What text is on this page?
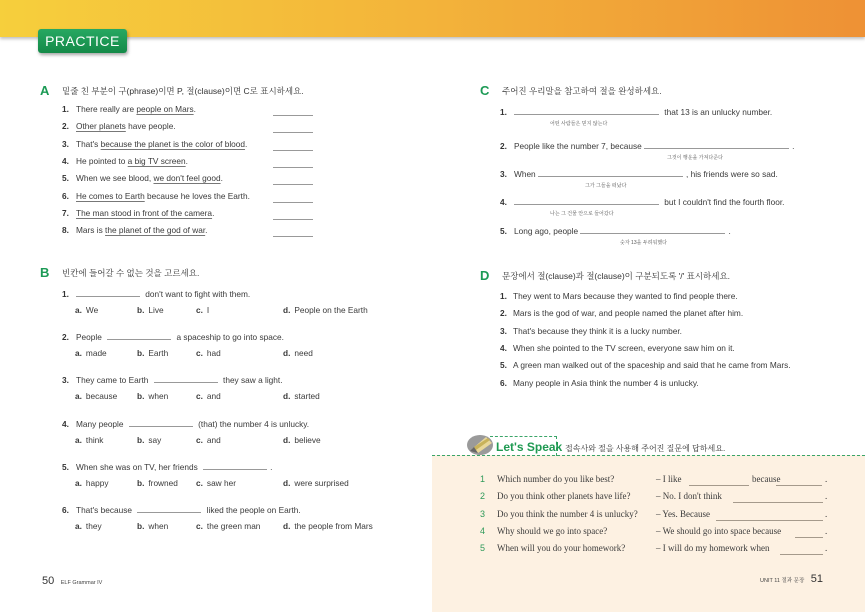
PRACTICE
A	밑줄 친 부분이 구(phrase)이면 P, 절(clause)이면 C로 표시하세요.
1. There really are people on Mars.
2. Other planets have people.
3. That's because the planet is the color of blood.
4. He pointed to a big TV screen.
5. When we see blood, we don't feel good.
6. He comes to Earth because he loves the Earth.
7. The man stood in front of the camera.
8. Mars is the planet of the god of war.
B	빈칸에 들어갈 수 없는 것을 고르세요.
1.	don't want to fight with them.
a. We	b. Live	c. I	d. People on the Earth
2. People	a spaceship to go into space.
a. made	b. Earth	c. had	d. need
3. They came to Earth	they saw a light.
a. because b. when	c. and	d. started
4. Many people	(that) the number 4 is unlucky.
a. think	b. say	c. and	d. believe
5. When she was on TV, her friends	.
a. happy	b. frowned c. saw her	d. were surprised
6. That's because	liked the people on Earth.
a. they	b. when	c. the green man	d. the people from Mars
C	주어진 우리말을 참고하여 절을 완성하세요.
1.	that 13 is an unlucky number.
어떤 사람들은 믿지 않는다
2. People like the number 7, because	.
그것이 행운을 가져다준다
3. When	, his friends were so sad.
그가 그들을 떠났다
4.	but I couldn't find the fourth floor.
나는 그 건물 안으로 들어갔다
5. Long ago, people	.
숫자 13을 두려워했다
D	문장에서 절(clause)과 절(clause)이 구분되도록 '/' 표시하세요.
1. They went to Mars because they wanted to find people there.
2. Mars is the god of war, and people named the planet after him.
3. That's because they think it is a lucky number.
4. When she pointed to the TV screen, everyone saw him on it.
5. A green man walked out of the spaceship and said that he came from Mars.
6. Many people in Asia think the number 4 is unlucky.
Let's Speak 접속사와 절을 사용해 주어진 질문에 답하세요.
1 Which number do you like best?	– I like	because	.
2 Do you think other planets have life?	– No. I don't think	.
3 Do you think the number 4 is unlucky? – Yes. Because	.
4 Why should we go into space?	– We should go into space because	.
5 When will you do your homework?	– I will do my homework when	.
50 ELF Grammar IV	UNIT 11 절과 문장 51
